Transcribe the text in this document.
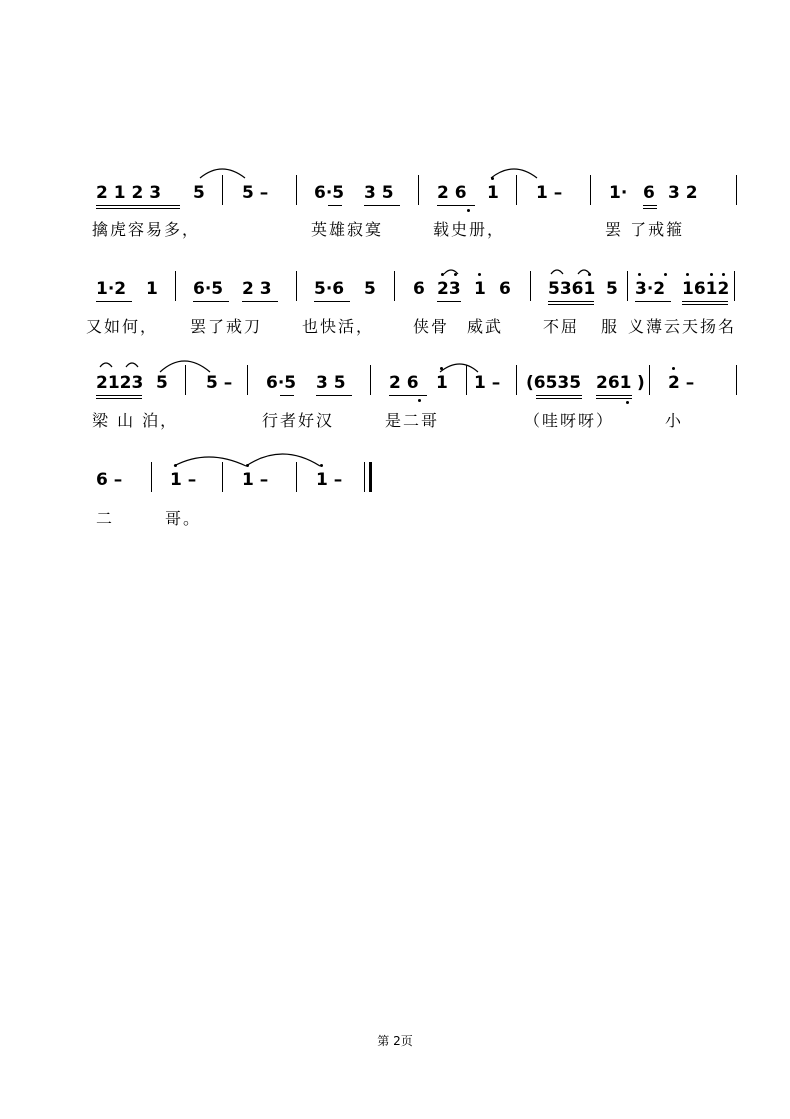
2 1 2 3 5 5 –	6·5 3 5	2 6 1 1 –	1· 6 3 2
擒虎容易多，	英雄寂寞	载史册，	罢 了戒箍
1·2 1 6·5 2 3 5·6 5 6 23 1 6 5361 5 3·2 1612
又如何， 罢了戒刀 也快活， 侠骨 威武 不屈 服 义薄云天扬名
2123 5 5 – 6·5 3 5	2 6 1 1 – (6535 261 ) 2 –
梁 山 泊，	行者好汉	是二哥	（哇呀呀）	小
6 –	1 –	1 –	1 –
二	哥。
第 2页
